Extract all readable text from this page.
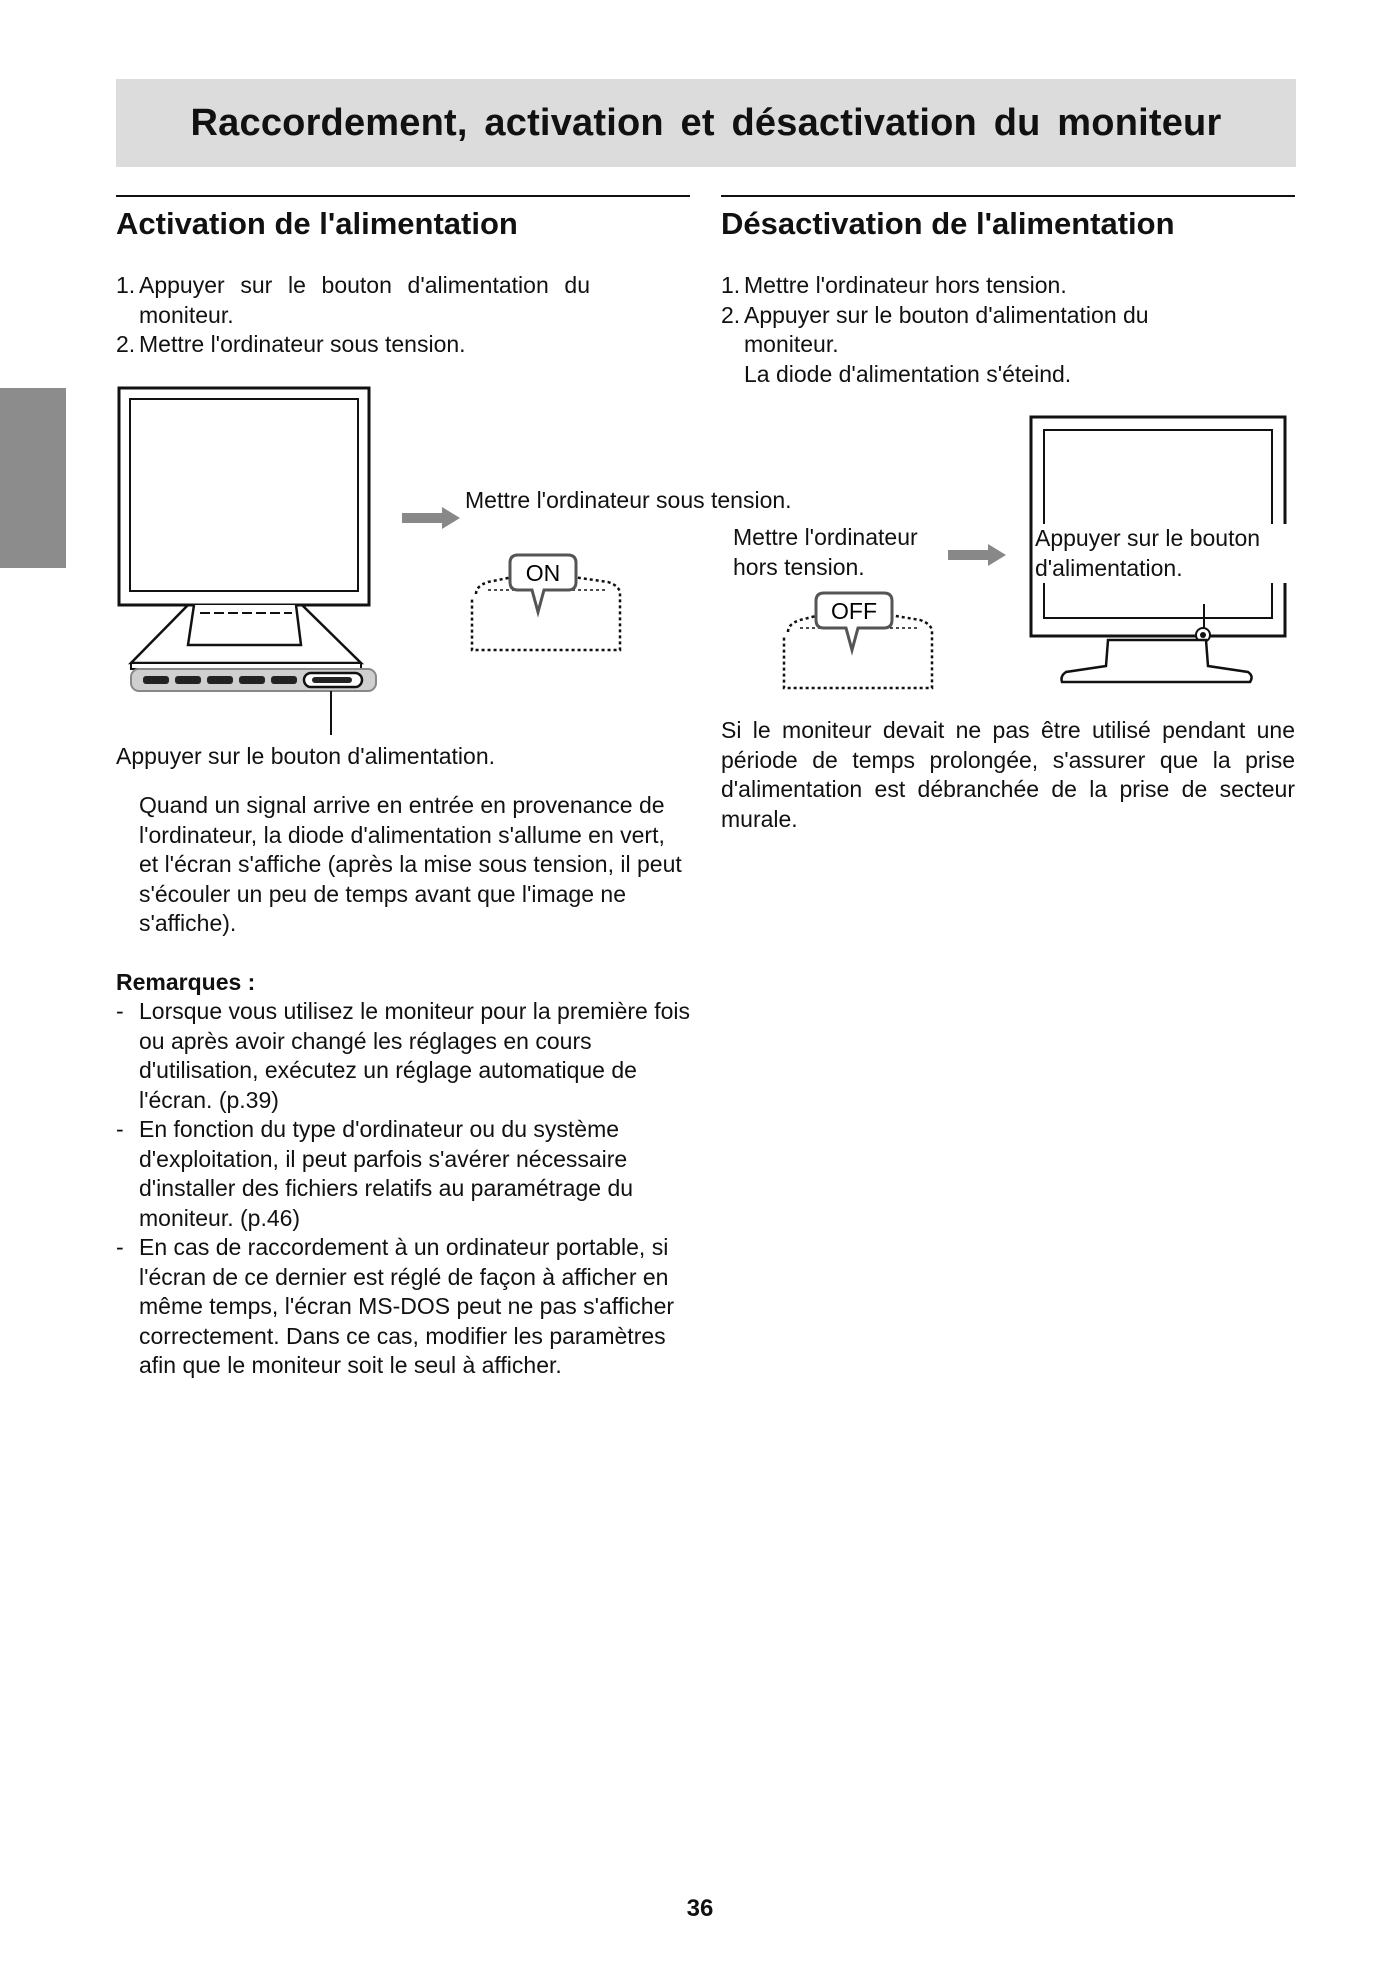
Raccordement, activation et désactivation du moniteur
Activation de l'alimentation
1. Appuyer sur le bouton d'alimentation du moniteur.
2. Mettre l'ordinateur sous tension.
Mettre l'ordinateur sous tension.
ON
Appuyer sur le bouton d'alimentation.
Quand un signal arrive en entrée en provenance de l'ordinateur, la diode d'alimentation s'allume en vert, et l'écran s'affiche (après la mise sous tension, il peut s'écouler un peu de temps avant que l'image ne s'affiche).
Remarques :
- Lorsque vous utilisez le moniteur pour la première fois ou après avoir changé les réglages en cours d'utilisation, exécutez un réglage automatique de l'écran. (p.39)
- En fonction du type d'ordinateur ou du système d'exploitation, il peut parfois s'avérer nécessaire d'installer des fichiers relatifs au paramétrage du moniteur. (p.46)
- En cas de raccordement à un ordinateur portable, si l'écran de ce dernier est réglé de façon à afficher en même temps, l'écran MS-DOS peut ne pas s'afficher correctement. Dans ce cas, modifier les paramètres afin que le moniteur soit le seul à afficher.
Désactivation de l'alimentation
1. Mettre l'ordinateur hors tension.
2. Appuyer sur le bouton d'alimentation du moniteur.
La diode d'alimentation s'éteind.
Mettre l'ordinateur hors tension.
OFF
Appuyer sur le bouton d'alimentation.
Si le moniteur devait ne pas être utilisé pendant une période de temps prolongée, s'assurer que la prise d'alimentation est débranchée de la prise de secteur murale.
36
